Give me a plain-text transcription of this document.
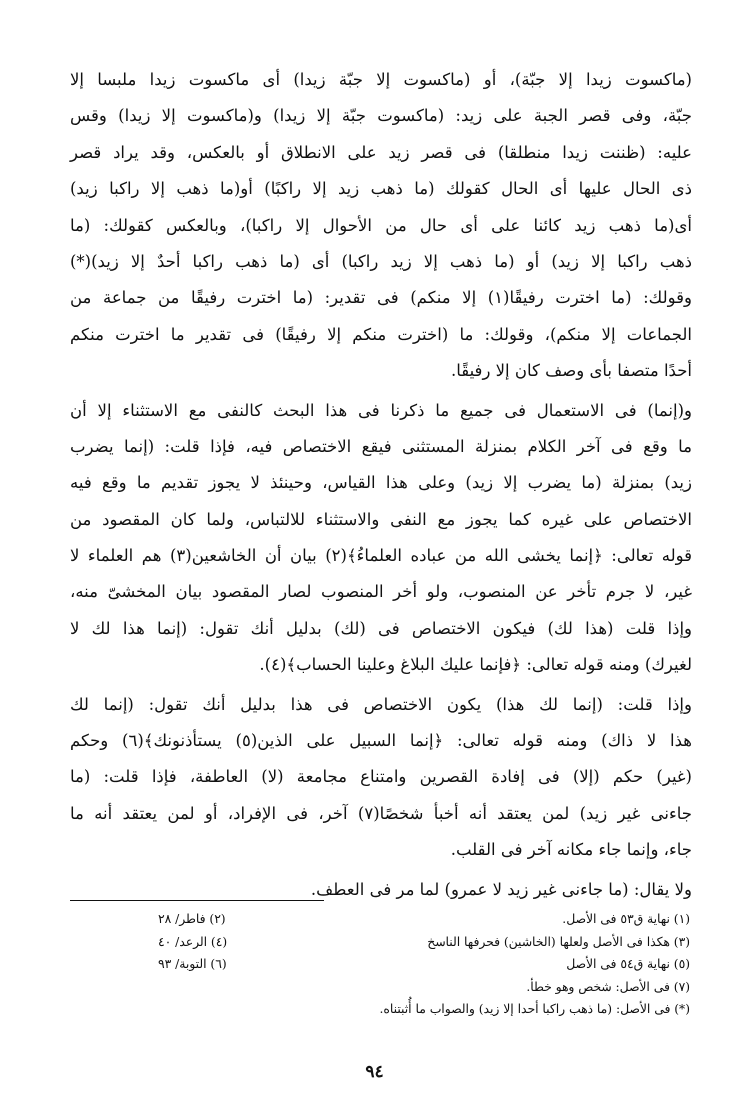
(ماكسوت زيدا إلا جبّة)، أو (ماكسوت إلا جبّة زيدا) أى ماكسوت زيدا ملبسا إلا
جبّة، وفى قصر الجبة على زيد: (ماكسوت جبّة إلا زيدا) و(ماكسوت إلا زيدا) وقس
عليه: (ظننت زيدا منطلقا) فى قصر زيد على الانطلاق أو بالعكس، وقد يراد قصر
ذى الحال عليها أى الحال كقولك (ما ذهب زيد إلا راكبًا) أو(ما ذهب إلا راكبا زيد)
أى(ما ذهب زيد كائنا على أى حال من الأحوال إلا راكبا)، وبالعكس كقولك: (ما
ذهب راكبا إلا زيد) أو (ما ذهب إلا زيد راكبا) أى (ما ذهب راكبا أحدٌ إلا زيد)(*)
وقولك: (ما اخترت رفيقًا(١) إلا منكم) فى تقدير: (ما اخترت رفيقًا من جماعة من
الجماعات إلا منكم)، وقولك: ما (اخترت منكم إلا رفيقًا) فى تقدير ما اخترت منكم
أحدًا متصفا بأى وصف كان إلا رفيقًا.
و(إنما) فى الاستعمال فى جميع ما ذكرنا فى هذا البحث كالنفى مع الاستثناء إلا أن
ما وقع فى آخر الكلام بمنزلة المستثنى فيقع الاختصاص فيه، فإذا قلت: (إنما يضرب
زيد) بمنزلة (ما يضرب إلا زيد) وعلى هذا القياس، وحينئذ لا يجوز تقديم ما وقع فيه
الاختصاص على غيره كما يجوز مع النفى والاستثناء للالتباس، ولما كان المقصود من
قوله تعالى: ﴿إنما يخشى الله من عباده العلماءُ﴾(٢) بيان أن الخاشعين(٣) هم العلماء لا
غير، لا جرم تأخر عن المنصوب، ولو أخر المنصوب لصار المقصود بيان المخشىّ منه،
وإذا قلت (هذا لك) فيكون الاختصاص فى (لك) بدليل أنك تقول: (إنما هذا لك لا
لغيرك) ومنه قوله تعالى: ﴿فإنما عليك البلاغ وعلينا الحساب﴾(٤).
وإذا قلت: (إنما لك هذا) يكون الاختصاص فى هذا بدليل أنك تقول: (إنما لك
هذا لا ذاك) ومنه قوله تعالى: ﴿إنما السبيل على الذين(٥) يستأذنونك﴾(٦) وحكم
(غير) حكم (إلا) فى إفادة القصرين وامتناع مجامعة (لا) العاطفة، فإذا قلت: (ما
جاءنى غير زيد) لمن يعتقد أنه أخبأ شخصًا(٧) آخر، فى الإفراد، أو لمن يعتقد أنه ما
جاء، وإنما جاء مكانه آخر فى القلب.
ولا يقال: (ما جاءنى غير زيد لا عمرو) لما مر فى العطف.
(١) نهاية ق٥٣ فى الأصل.
(٢) فاطر/ ٢٨
(٣) هكذا فى الأصل ولعلها (الخاشين) فحرفها الناسخ
(٤) الرعد/ ٤٠
(٥) نهاية ق٥٤ فى الأصل
(٦) التوبة/ ٩٣
(٧) فى الأصل: شخص وهو خطأ.
(*) فى الأصل: (ما ذهب راكبا أحدا إلا زيد) والصواب ما أُثبتناه.
٩٤
